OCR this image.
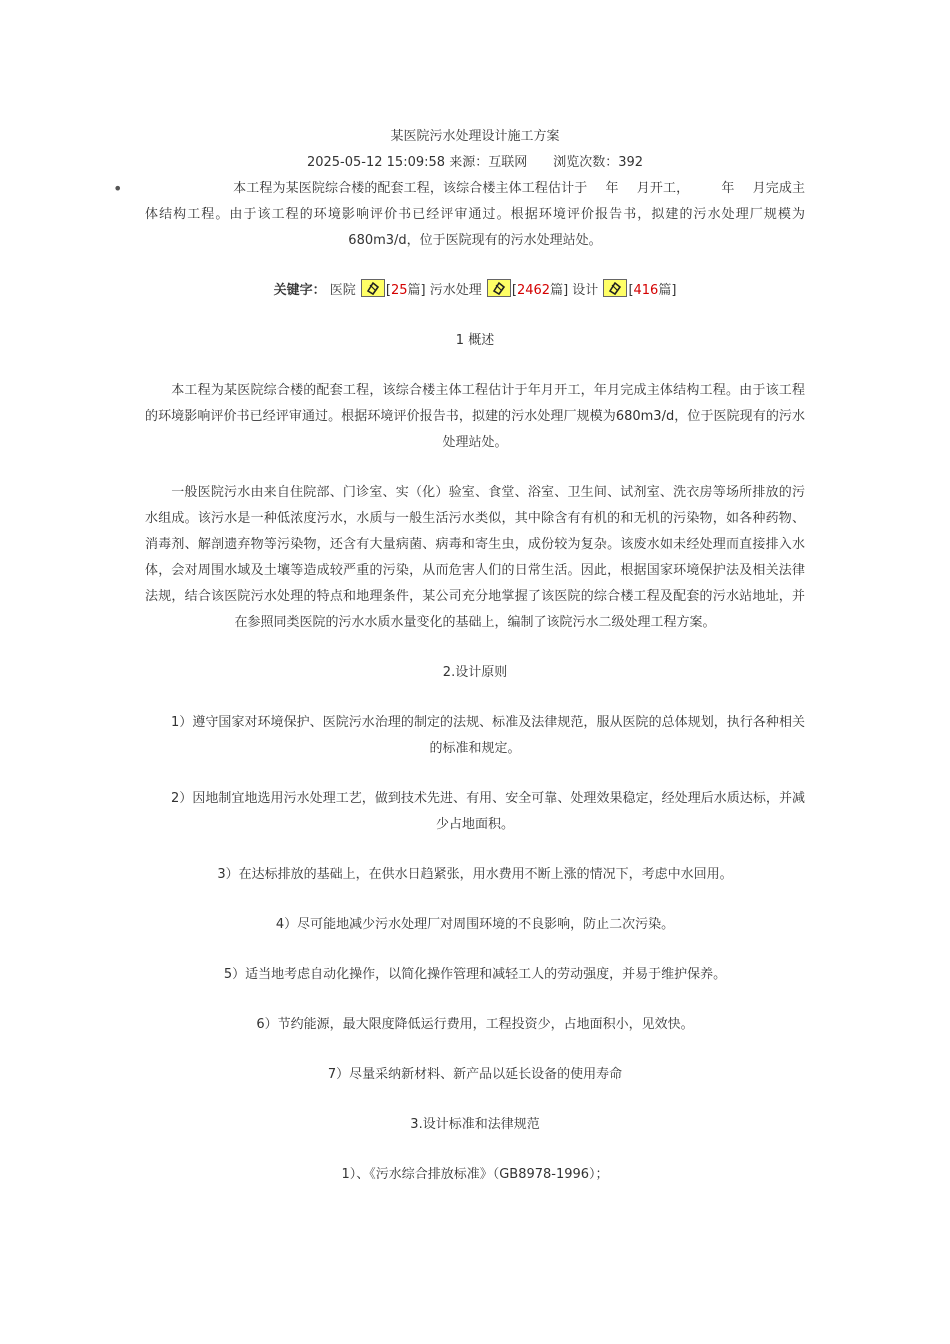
某医院污水处理设计施工方案

2025-05-12 15:09:58 来源：互联网 浏览次数：392

•	本工程为某医院综合楼的配套工程，该综合楼主体工程估计于 年 月开工， 年 月完成主体结构工程。由于该工程的环境影响评价书已经评审通过。根据环境评价报告书，拟建的污水处理厂规模为680m3/d，位于医院现有的污水处理站处。

关键字： 医院 [25篇] 污水处理 [2462篇] 设计 [416篇]

1 概述

本工程为某医院综合楼的配套工程，该综合楼主体工程估计于年月开工，年月完成主体结构工程。由于该工程的环境影响评价书已经评审通过。根据环境评价报告书，拟建的污水处理厂规模为680m3/d，位于医院现有的污水处理站处。

一般医院污水由来自住院部、门诊室、实（化）验室、食堂、浴室、卫生间、试剂室、洗衣房等场所排放的污水组成。该污水是一种低浓度污水，水质与一般生活污水类似，其中除含有有机的和无机的污染物，如各种药物、消毒剂、解剖遗弃物等污染物，还含有大量病菌、病毒和寄生虫，成份较为复杂。该废水如未经处理而直接排入水体，会对周围水域及土壤等造成较严重的污染，从而危害人们的日常生活。因此，根据国家环境保护法及相关法律法规，结合该医院污水处理的特点和地理条件，某公司充分地掌握了该医院的综合楼工程及配套的污水站地址，并在参照同类医院的污水水质水量变化的基础上，编制了该院污水二级处理工程方案。

2.设计原则

1）遵守国家对环境保护、医院污水治理的制定的法规、标准及法律规范，服从医院的总体规划，执行各种相关的标准和规定。

2）因地制宜地选用污水处理工艺，做到技术先进、有用、安全可靠、处理效果稳定，经处理后水质达标，并减少占地面积。

3）在达标排放的基础上，在供水日趋紧张，用水费用不断上涨的情况下，考虑中水回用。

4）尽可能地减少污水处理厂对周围环境的不良影响，防止二次污染。

5）适当地考虑自动化操作，以简化操作管理和减轻工人的劳动强度，并易于维护保养。

6）节约能源，最大限度降低运行费用，工程投资少，占地面积小，见效快。

7）尽量采纳新材料、新产品以延长设备的使用寿命

3.设计标准和法律规范

1）、《污水综合排放标准》（GB8978-1996）；
